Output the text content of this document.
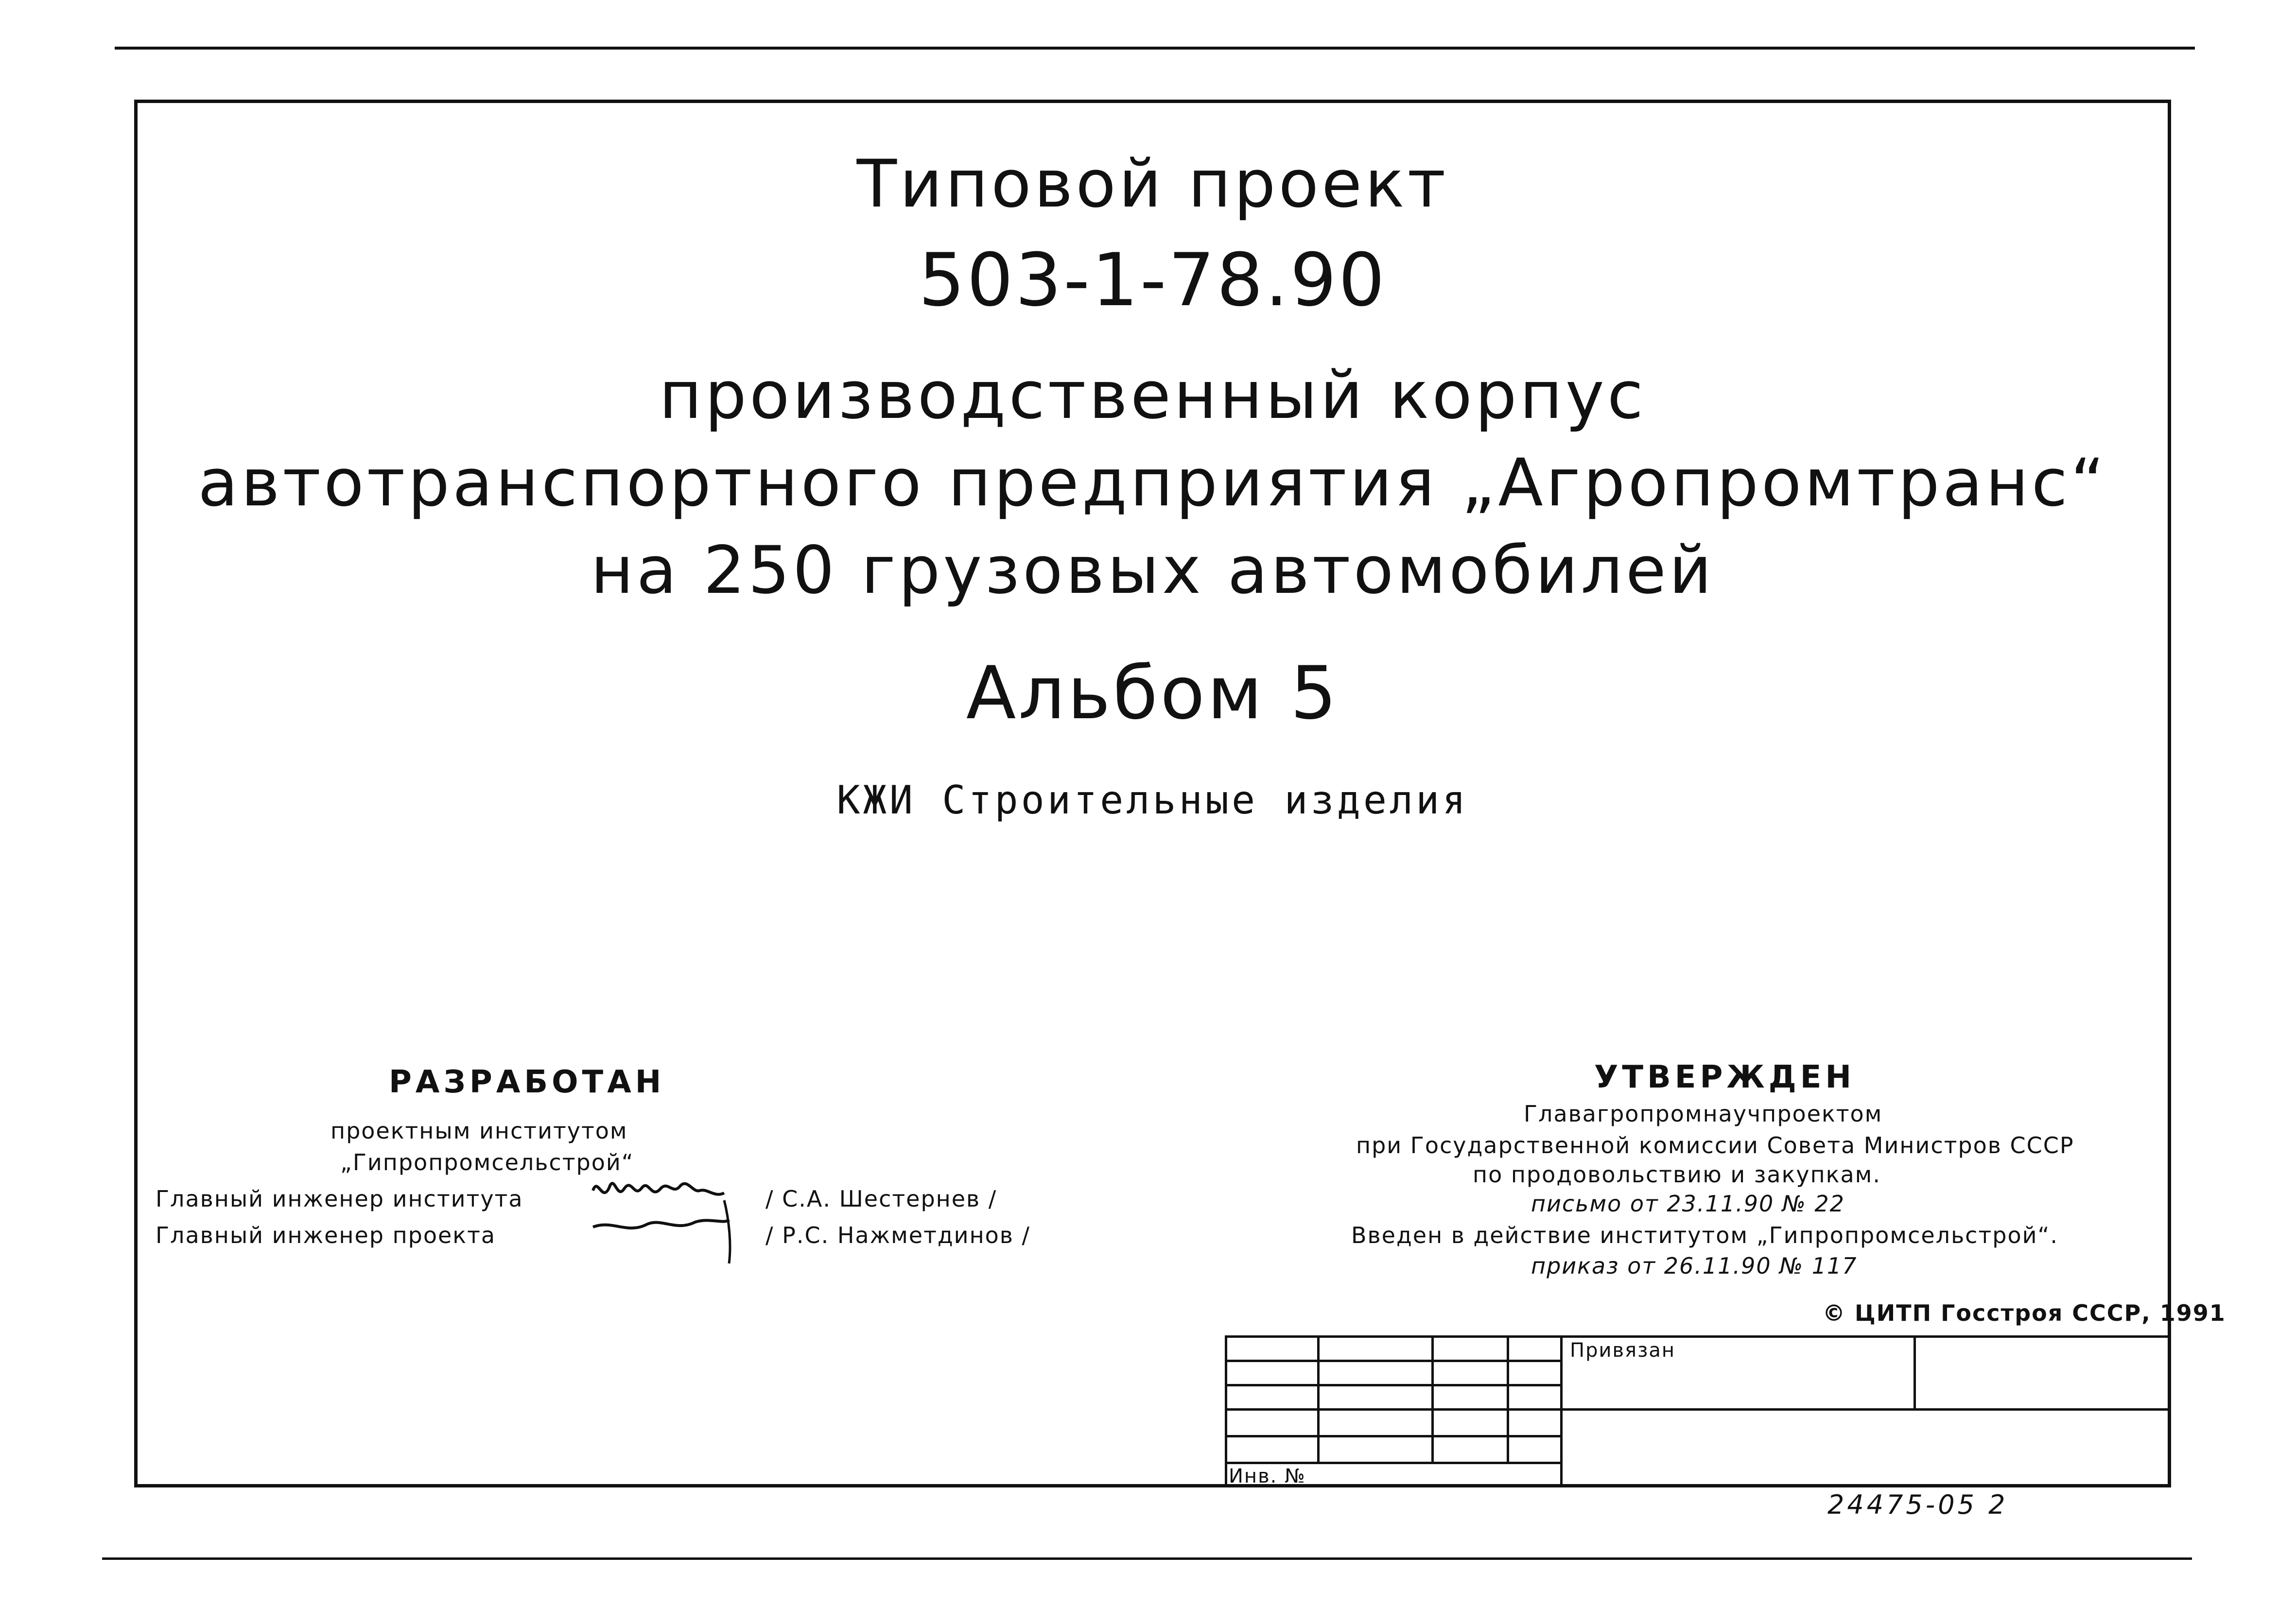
Типовой проект
503-1-78.90
производственный корпус
автотранспортного предприятия „Агропромтранс“
на 250 грузовых автомобилей
Альбом 5
КЖИ Строительные изделия
РАЗРАБОТАН
проектным институтом
„Гипропромсельстрой“
Главный инженер института
Главный инженер проекта
/ С.А. Шестернев /
/ Р.С. Нажметдинов /
УТВЕРЖДЕН
Главагропромнаучпроектом
при Государственной комиссии Совета Министров СССР
по продовольствию и закупкам.
письмо от 23.11.90 № 22
Введен в действие институтом „Гипропромсельстрой“.
приказ от 26.11.90 № 117
© ЦИТП Госстроя СССР, 1991
Привязан
Инв. №
24475-05 2
